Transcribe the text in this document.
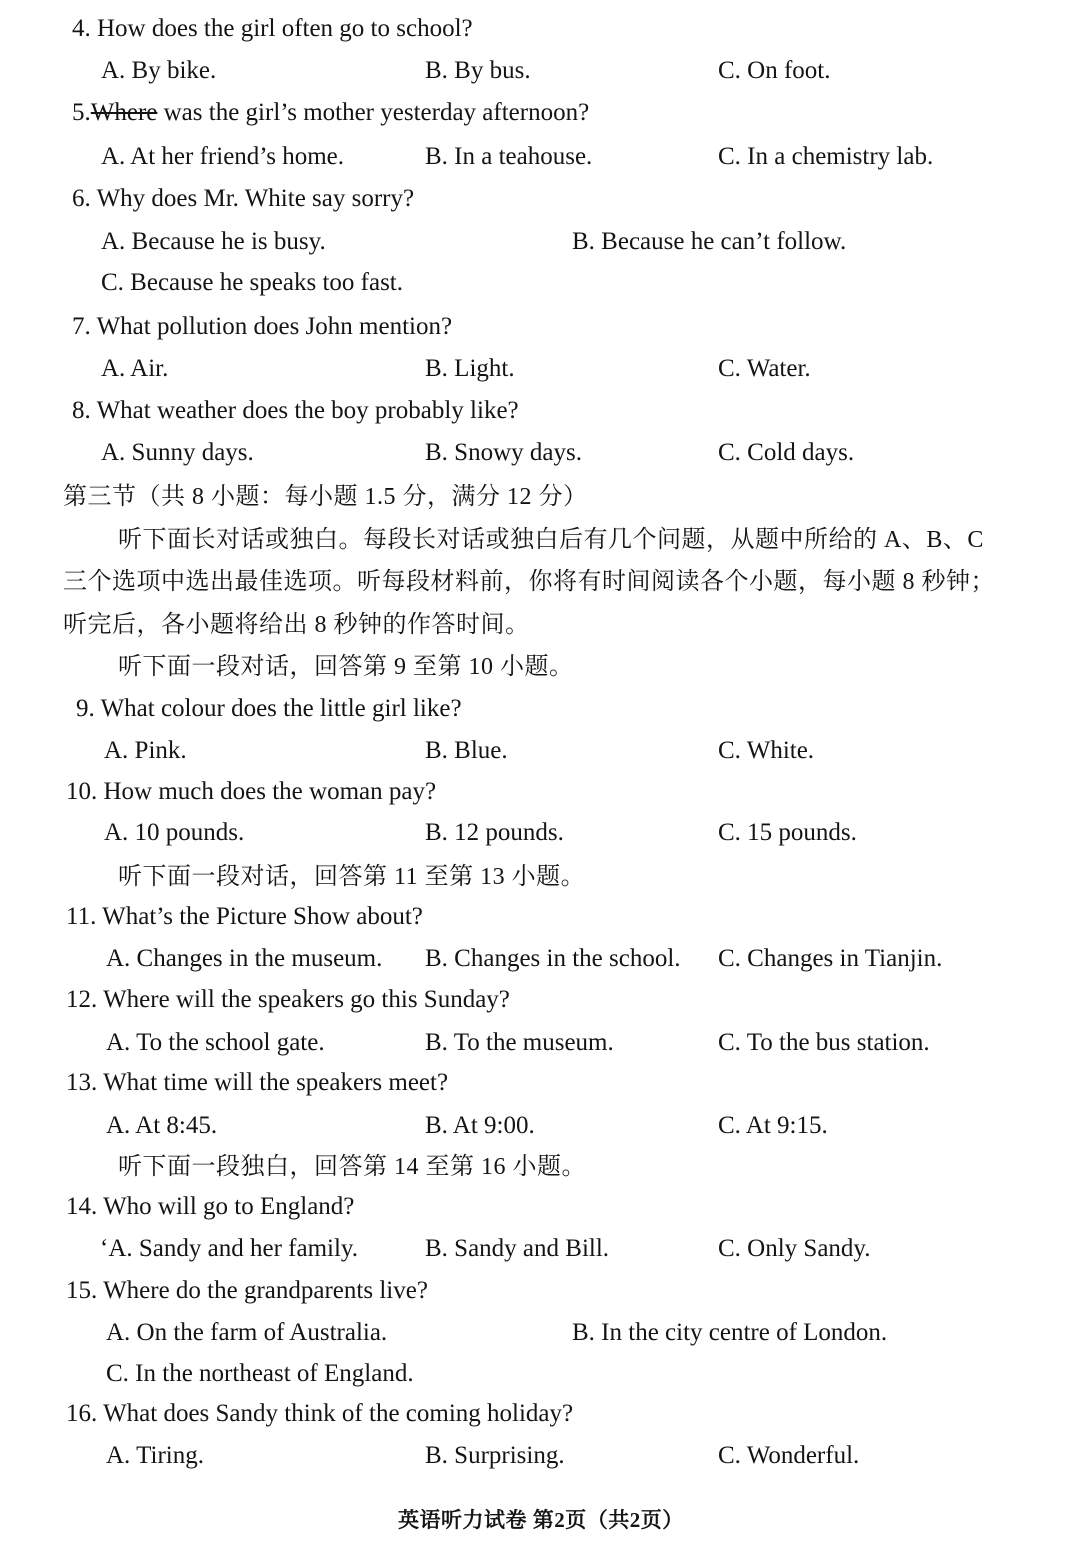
4. How does the girl often go to school?
A. By bike.	B. By bus.	C. On foot.
5.Where was the girl’s mother yesterday afternoon?
A. At her friend’s home.	B. In a teahouse.	C. In a chemistry lab.
6. Why does Mr. White say sorry?
A. Because he is busy.	B. Because he can’t follow.
C. Because he speaks too fast.
7. What pollution does John mention?
A. Air.	B. Light.	C. Water.
8. What weather does the boy probably like?
A. Sunny days.	B. Snowy days.	C. Cold days.
第三节（共 8 小题：每小题 1.5 分，满分 12 分）
听下面长对话或独白。每段长对话或独白后有几个问题，从题中所给的 A、B、C
三个选项中选出最佳选项。听每段材料前，你将有时间阅读各个小题，每小题 8 秒钟；
听完后，各小题将给出 8 秒钟的作答时间。
听下面一段对话，回答第 9 至第 10 小题。
9. What colour does the little girl like?
A. Pink.	B. Blue.	C. White.
10. How much does the woman pay?
A. 10 pounds.	B. 12 pounds.	C. 15 pounds.
听下面一段对话，回答第 11 至第 13 小题。
11. What’s the Picture Show about?
A. Changes in the museum. B. Changes in the school. C. Changes in Tianjin.
12. Where will the speakers go this Sunday?
A. To the school gate.	B. To the museum.	C. To the bus station.
13. What time will the speakers meet?
A. At 8:45.	B. At 9:00.	C. At 9:15.
听下面一段独白，回答第 14 至第 16 小题。
14. Who will go to England?
‘A. Sandy and her family.	B. Sandy and Bill.	C. Only Sandy.
15. Where do the grandparents live?
A. On the farm of Australia.	B. In the city centre of London.
C. In the northeast of England.
16. What does Sandy think of the coming holiday?
A. Tiring.	B. Surprising.	C. Wonderful.
英语听力试卷 第2页（共2页）
